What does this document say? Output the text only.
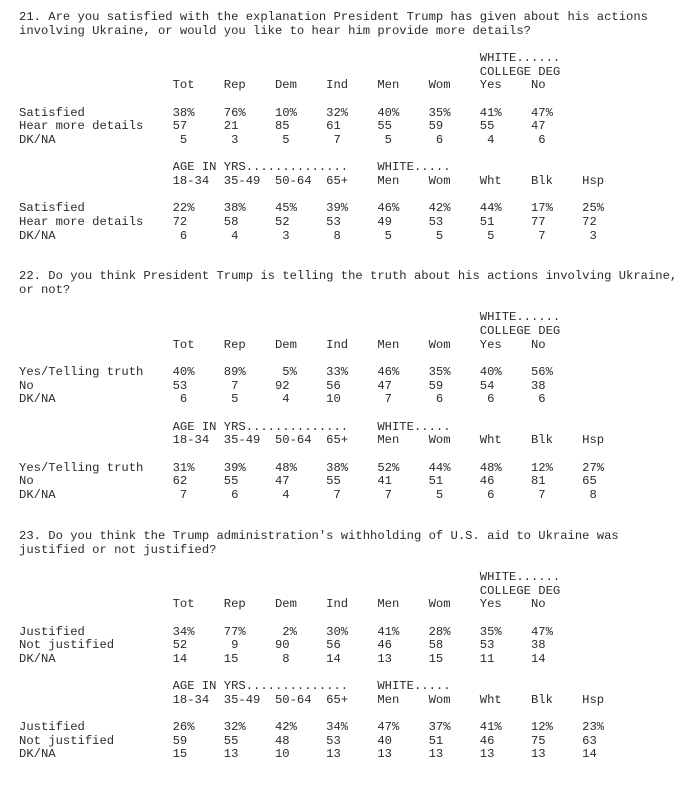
21. Are you satisfied with the explanation President Trump has given about his actions
involving Ukraine, or would you like to hear him provide more details?
WHITE......
COLLEGE DEG
Tot    Rep    Dem    Ind    Men    Wom    Yes    No
Satisfied            38%    76%    10%    32%    40%    35%    41%    47%
Hear more details    57     21     85     61     55     59     55     47
DK/NA                 5      3      5      7      5      6      4      6
AGE IN YRS..............    WHITE.....
18-34  35-49  50-64  65+    Men    Wom    Wht    Blk    Hsp
Satisfied            22%    38%    45%    39%    46%    42%    44%    17%    25%
Hear more details    72     58     52     53     49     53     51     77     72
DK/NA                 6      4      3      8      5      5      5      7      3
22. Do you think President Trump is telling the truth about his actions involving Ukraine,
or not?
WHITE......
COLLEGE DEG
Tot    Rep    Dem    Ind    Men    Wom    Yes    No
Yes/Telling truth    40%    89%     5%    33%    46%    35%    40%    56%
No                   53      7     92     56     47     59     54     38
DK/NA                 6      5      4     10      7      6      6      6
AGE IN YRS..............    WHITE.....
18-34  35-49  50-64  65+    Men    Wom    Wht    Blk    Hsp
Yes/Telling truth    31%    39%    48%    38%    52%    44%    48%    12%    27%
No                   62     55     47     55     41     51     46     81     65
DK/NA                 7      6      4      7      7      5      6      7      8
23. Do you think the Trump administration's withholding of U.S. aid to Ukraine was
justified or not justified?
WHITE......
COLLEGE DEG
Tot    Rep    Dem    Ind    Men    Wom    Yes    No
Justified            34%    77%     2%    30%    41%    28%    35%    47%
Not justified        52      9     90     56     46     58     53     38
DK/NA                14     15      8     14     13     15     11     14
AGE IN YRS..............    WHITE.....
18-34  35-49  50-64  65+    Men    Wom    Wht    Blk    Hsp
Justified            26%    32%    42%    34%    47%    37%    41%    12%    23%
Not justified        59     55     48     53     40     51     46     75     63
DK/NA                15     13     10     13     13     13     13     13     14
